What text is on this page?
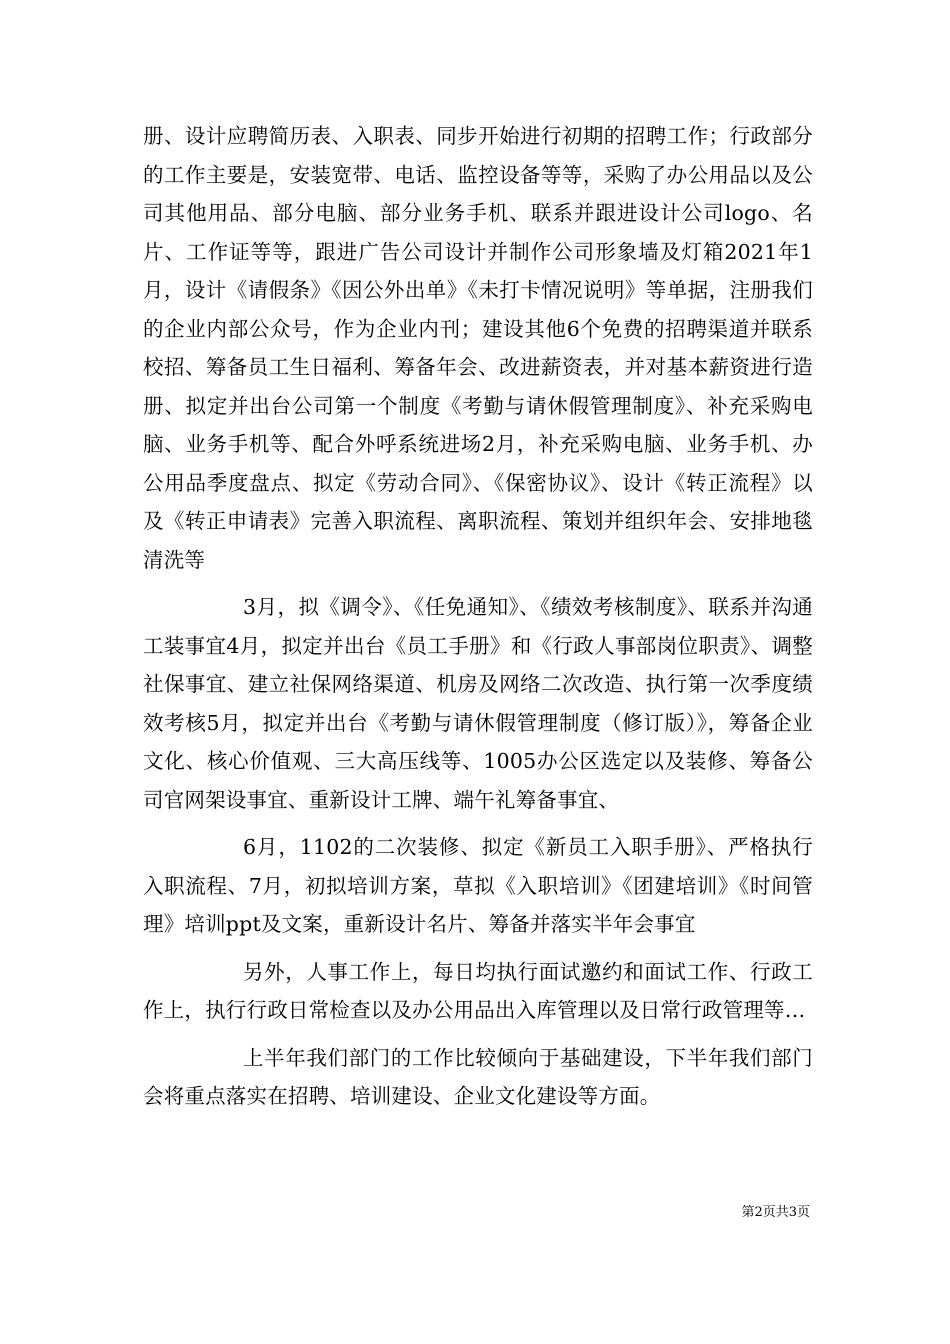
册、设计应聘简历表、入职表、同步开始进行初期的招聘工作；行政部分的工作主要是，安装宽带、电话、监控设备等等，采购了办公用品以及公司其他用品、部分电脑、部分业务手机、联系并跟进设计公司logo、名片、工作证等等，跟进广告公司设计并制作公司形象墙及灯箱2021年1月，设计《请假条》《因公外出单》《未打卡情况说明》等单据，注册我们的企业内部公众号，作为企业内刊；建设其他6个免费的招聘渠道并联系校招、筹备员工生日福利、筹备年会、改进薪资表，并对基本薪资进行造册、拟定并出台公司第一个制度《考勤与请休假管理制度》、补充采购电脑、业务手机等、配合外呼系统进场2月，补充采购电脑、业务手机、办公用品季度盘点、拟定《劳动合同》、《保密协议》、设计《转正流程》以及《转正申请表》完善入职流程、离职流程、策划并组织年会、安排地毯清洗等

3月，拟《调令》、《任免通知》、《绩效考核制度》、联系并沟通工装事宜4月，拟定并出台《员工手册》和《行政人事部岗位职责》、调整社保事宜、建立社保网络渠道、机房及网络二次改造、执行第一次季度绩效考核5月，拟定并出台《考勤与请休假管理制度（修订版）》，筹备企业文化、核心价值观、三大高压线等、1005办公区选定以及装修、筹备公司官网架设事宜、重新设计工牌、端午礼筹备事宜、

6月，1102的二次装修、拟定《新员工入职手册》、严格执行入职流程、7月，初拟培训方案，草拟《入职培训》《团建培训》《时间管理》培训ppt及文案，重新设计名片、筹备并落实半年会事宜

另外，人事工作上，每日均执行面试邀约和面试工作、行政工作上，执行行政日常检查以及办公用品出入库管理以及日常行政管理等…

上半年我们部门的工作比较倾向于基础建设，下半年我们部门会将重点落实在招聘、培训建设、企业文化建设等方面。

第2页共3页
